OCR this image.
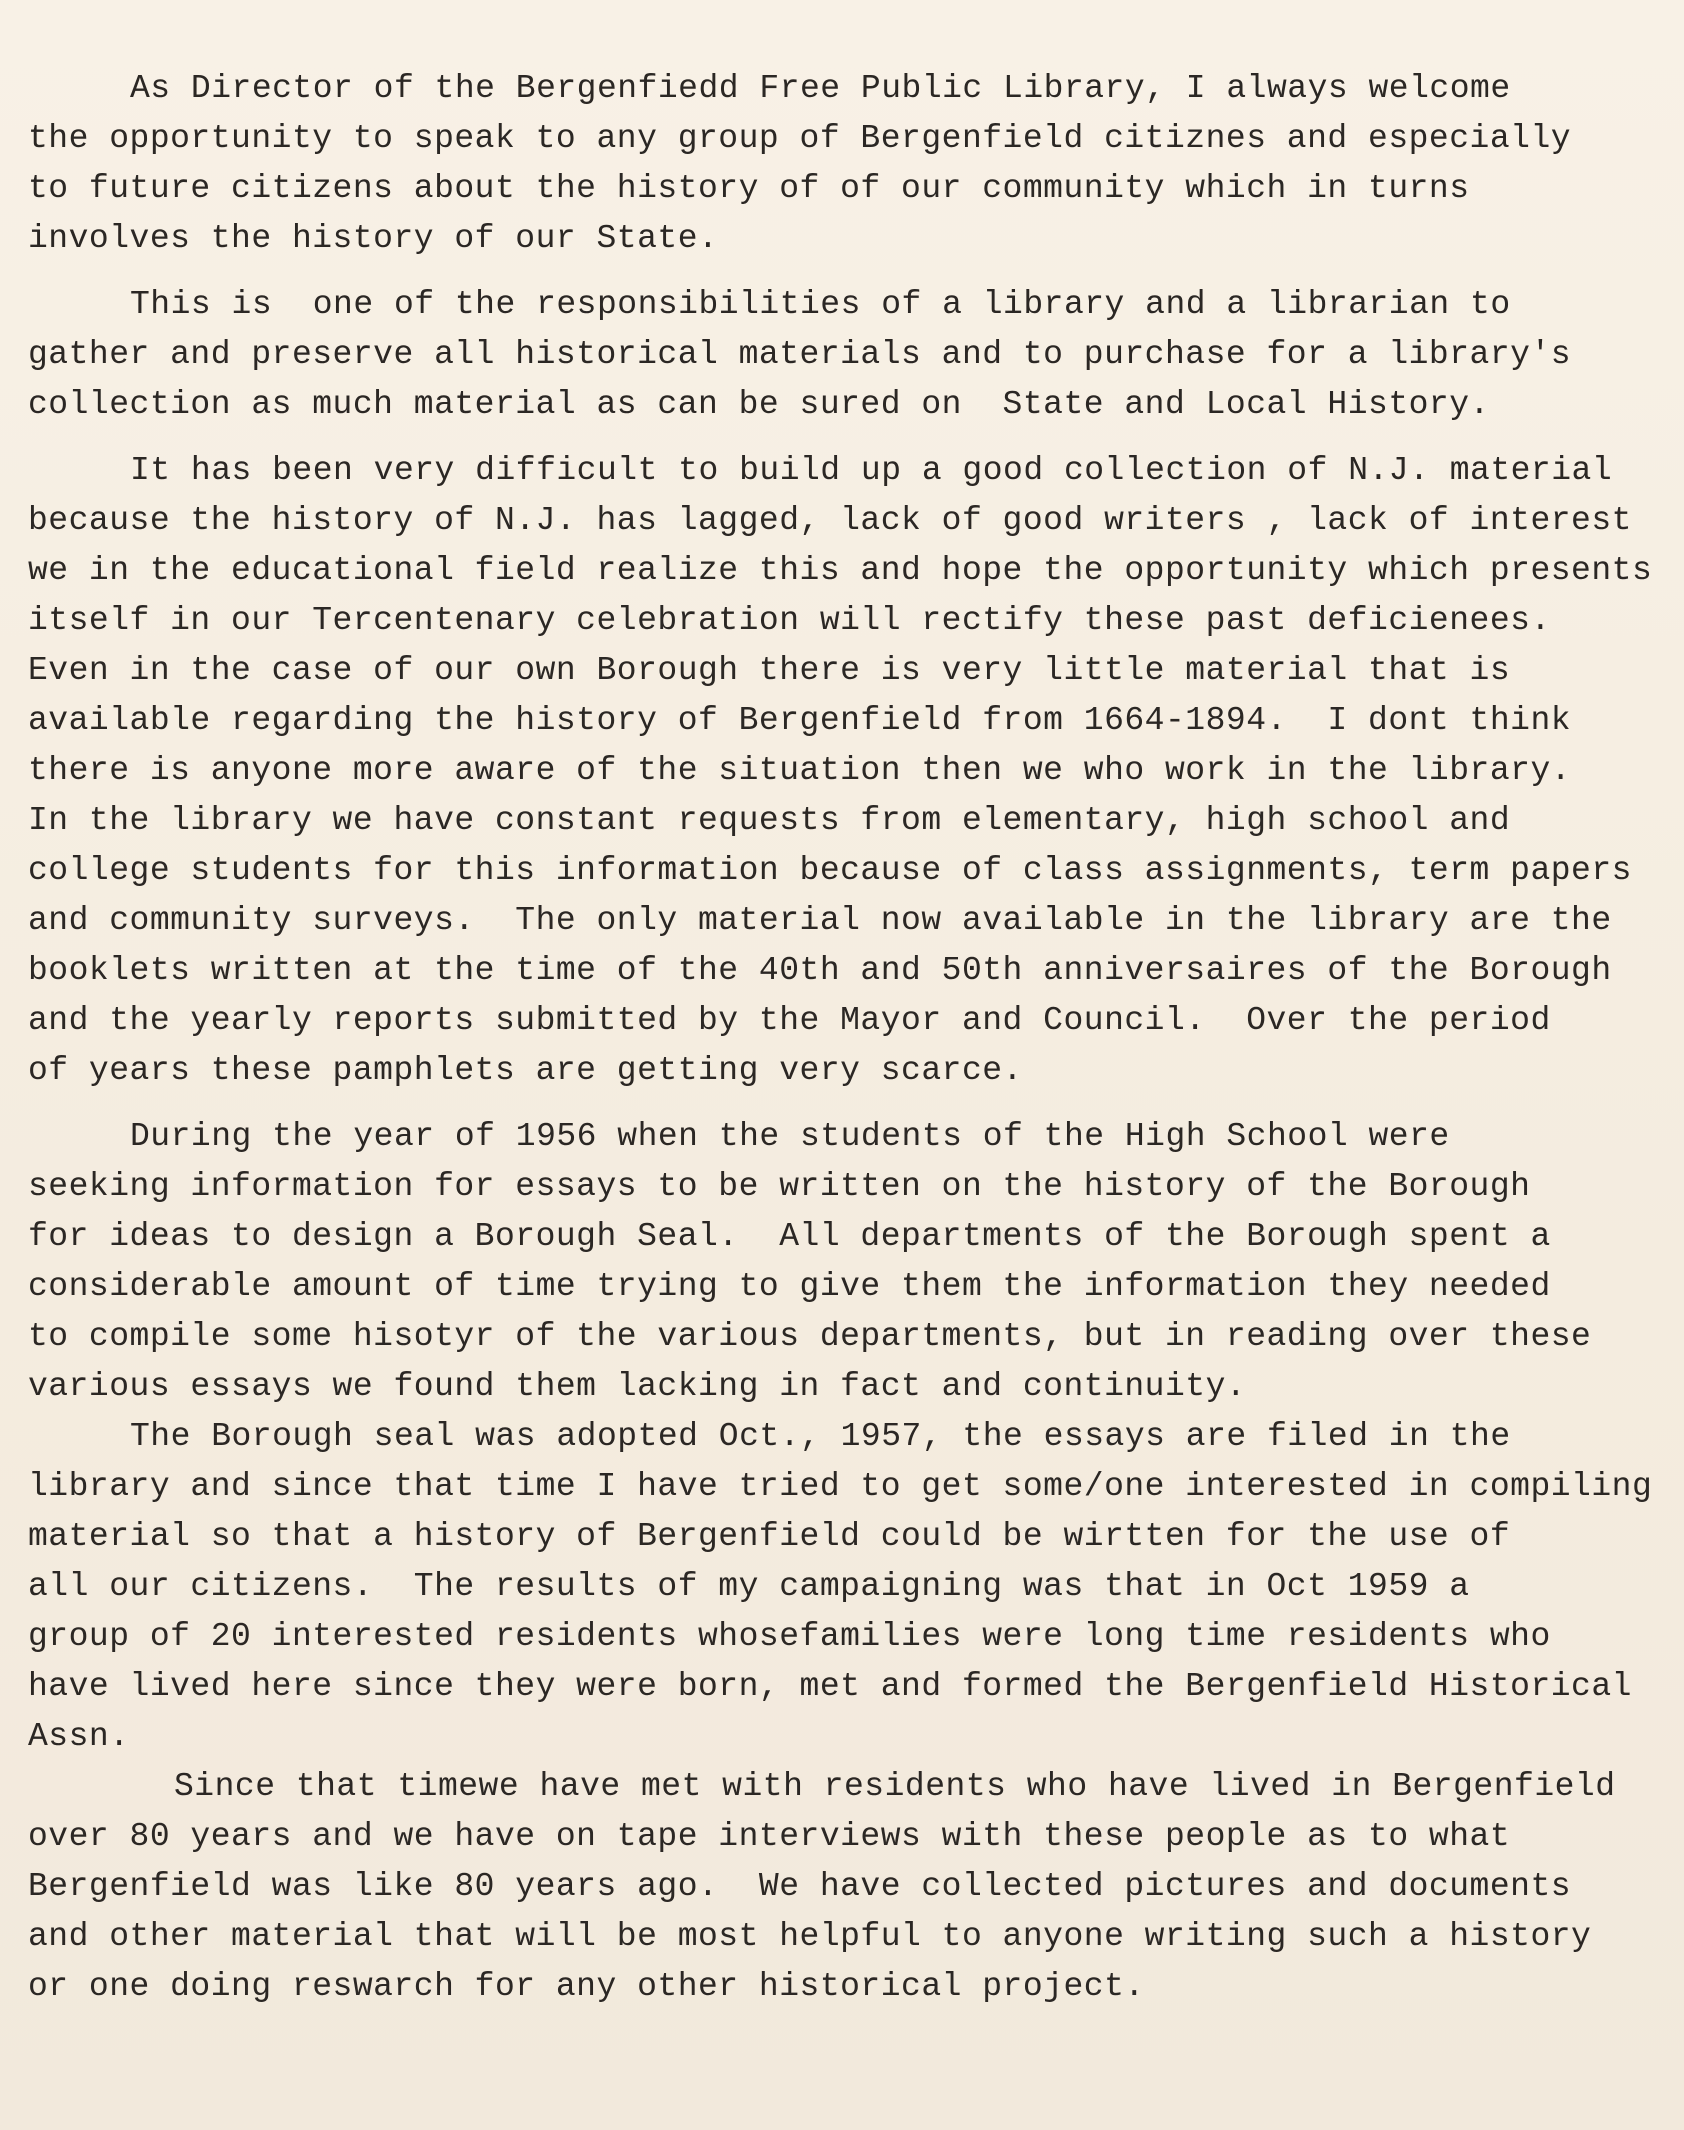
As Director of the Bergenfiedd Free Public Library, I always welcome
the opportunity to speak to any group of Bergenfield citiznes and especially
to future citizens about the history of of our community which in turns
involves the history of our State.
This is  one of the responsibilities of a library and a librarian to
gather and preserve all historical materials and to purchase for a library's
collection as much material as can be sured on  State and Local History.
It has been very difficult to build up a good collection of N.J. material
because the history of N.J. has lagged, lack of good writers , lack of interest
we in the educational field realize this and hope the opportunity which presents
itself in our Tercentenary celebration will rectify these past deficienees.
Even in the case of our own Borough there is very little material that is
available regarding the history of Bergenfield from 1664-1894.  I dont think
there is anyone more aware of the situation then we who work in the library.
In the library we have constant requests from elementary, high school and
college students for this information because of class assignments, term papers
and community surveys.  The only material now available in the library are the
booklets written at the time of the 40th and 50th anniversaires of the Borough
and the yearly reports submitted by the Mayor and Council.  Over the period
of years these pamphlets are getting very scarce.
During the year of 1956 when the students of the High School were
seeking information for essays to be written on the history of the Borough
for ideas to design a Borough Seal.  All departments of the Borough spent a
considerable amount of time trying to give them the information they needed
to compile some hisotyr of the various departments, but in reading over these
various essays we found them lacking in fact and continuity.
The Borough seal was adopted Oct., 1957, the essays are filed in the
library and since that time I have tried to get some/one interested in compiling
material so that a history of Bergenfield could be wirtten for the use of
all our citizens.  The results of my campaigning was that in Oct 1959 a
group of 20 interested residents whosefamilies were long time residents who
have lived here since they were born, met and formed the Bergenfield Historical
Assn.
Since that timewe have met with residents who have lived in Bergenfield
over 80 years and we have on tape interviews with these people as to what
Bergenfield was like 80 years ago.  We have collected pictures and documents
and other material that will be most helpful to anyone writing such a history
or one doing reswarch for any other historical project.
